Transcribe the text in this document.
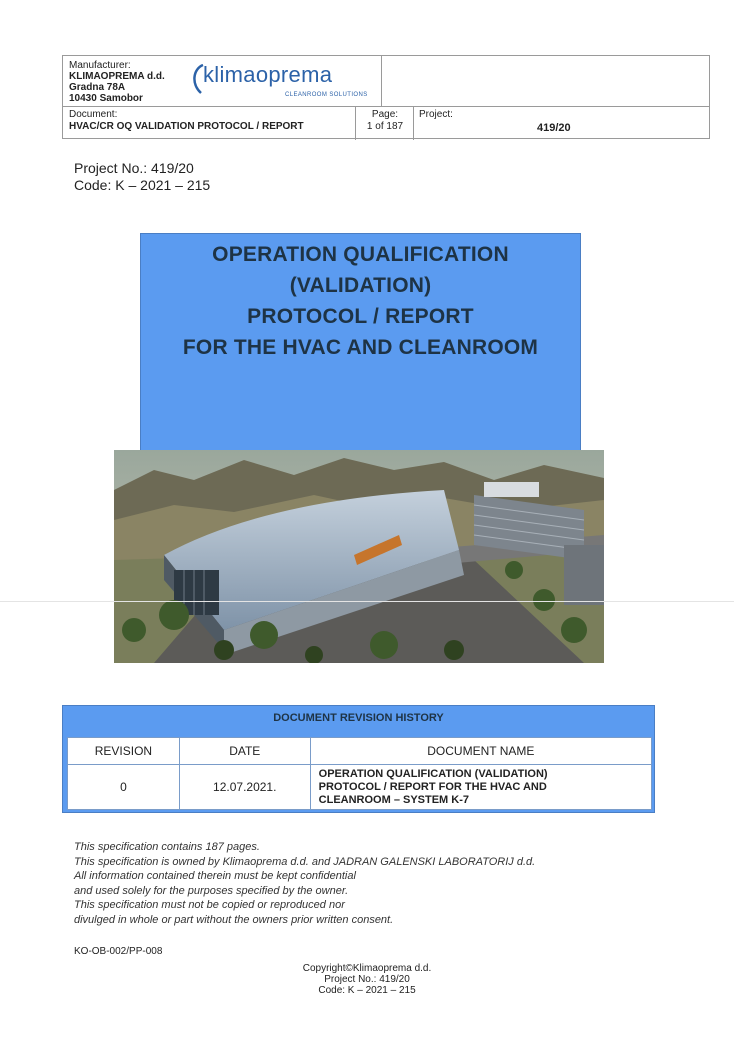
Manufacturer:
KLIMAOPREMA d.d.
Gradna 78A
10430 Samobor
klimaoprema
CLEANROOM SOLUTIONS
Document:
HVAC/CR OQ VALIDATION PROTOCOL / REPORT
Page:
1 of 187
Project:
419/20
Project No.: 419/20
Code: K – 2021 – 215
OPERATION QUALIFICATION
(VALIDATION)
PROTOCOL / REPORT
FOR THE HVAC AND CLEANROOM
DOCUMENT REVISION HISTORY
REVISION	DATE	DOCUMENT NAME
0	12.07.2021.	OPERATION QUALIFICATION (VALIDATION)
PROTOCOL / REPORT FOR THE HVAC AND
CLEANROOM – SYSTEM K-7
This specification contains 187 pages.
This specification is owned by Klimaoprema d.d. and JADRAN GALENSKI LABORATORIJ d.d.
All information contained therein must be kept confidential
and used solely for the purposes specified by the owner.
This specification must not be copied or reproduced nor
divulged in whole or part without the owners prior written consent.
KO-OB-002/PP-008
Copyright©Klimaoprema d.d.
Project No.: 419/20
Code: K – 2021 – 215
